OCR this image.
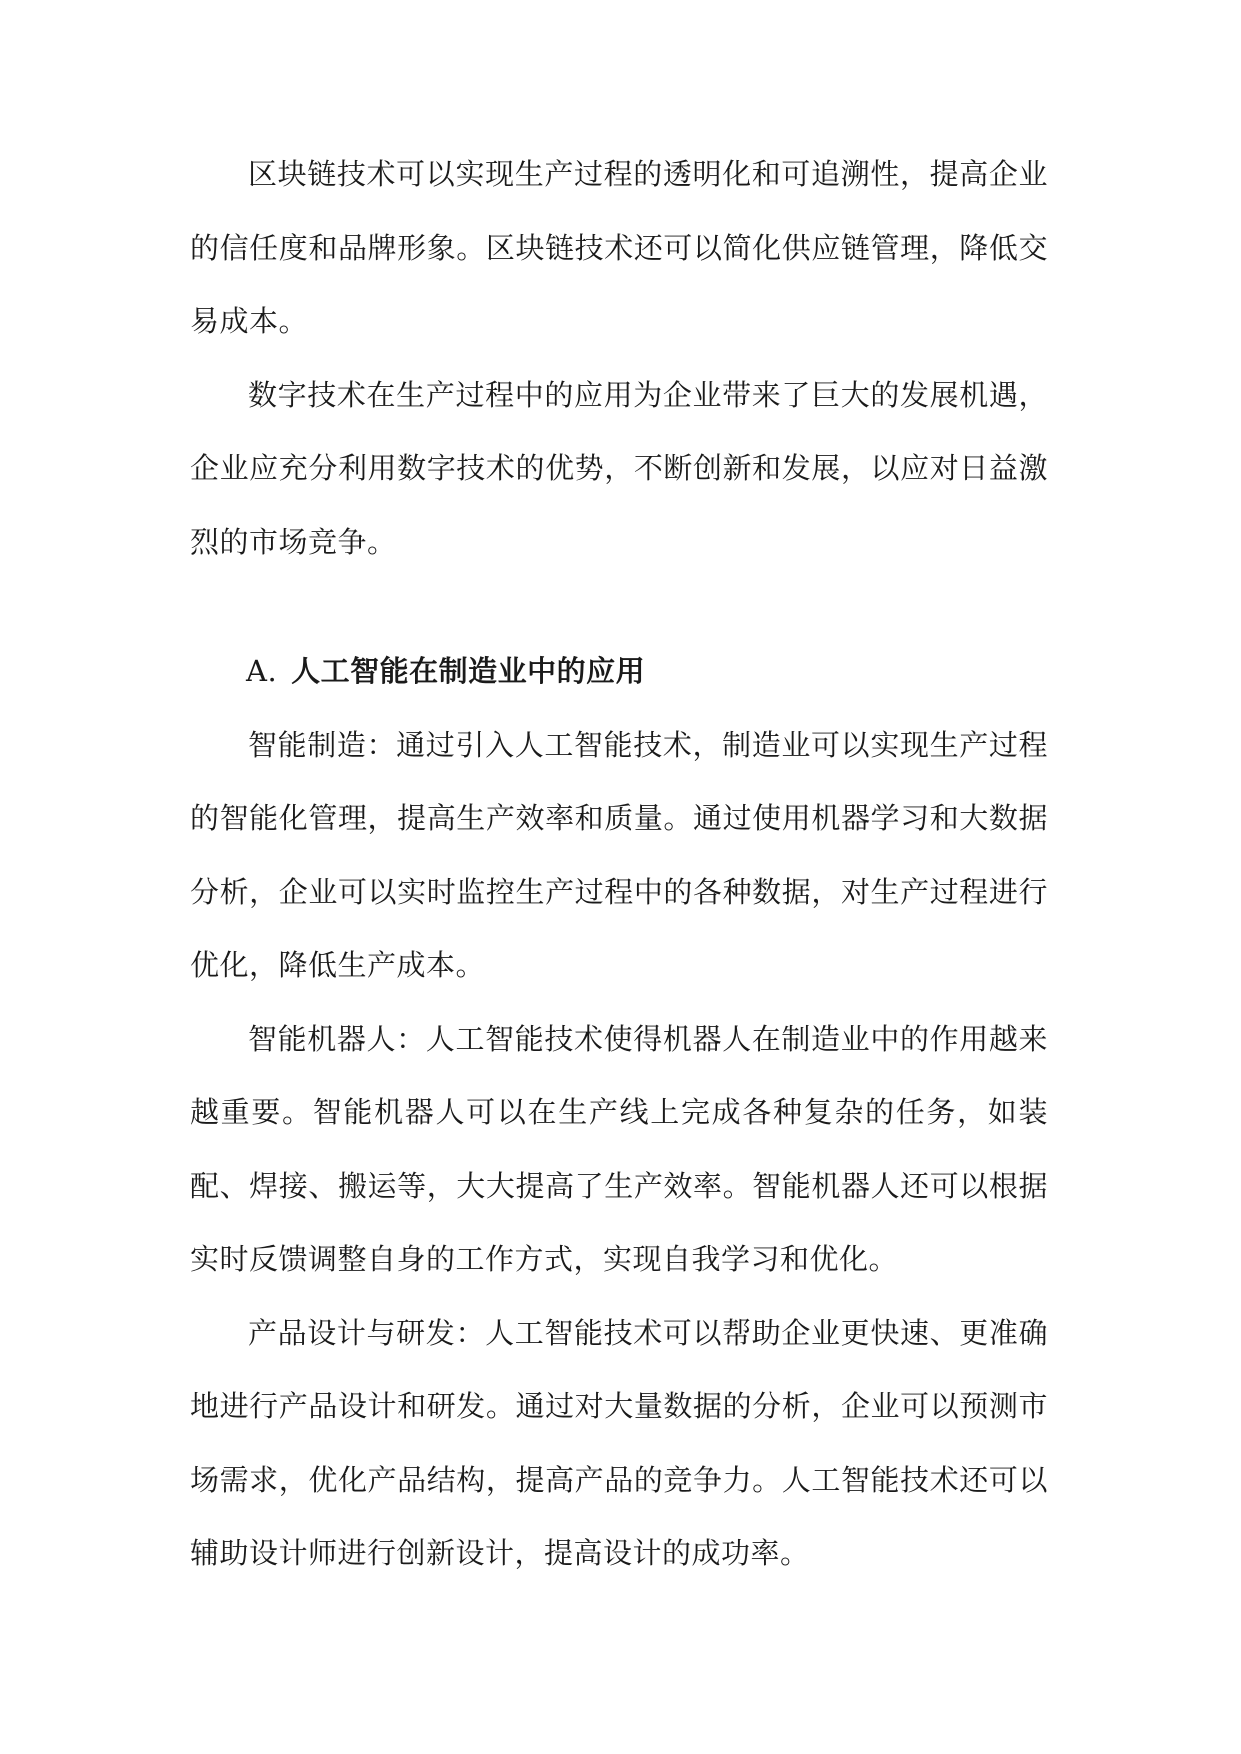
区块链技术可以实现生产过程的透明化和可追溯性，提高企业的信任度和品牌形象。区块链技术还可以简化供应链管理，降低交易成本。

数字技术在生产过程中的应用为企业带来了巨大的发展机遇，企业应充分利用数字技术的优势，不断创新和发展，以应对日益激烈的市场竞争。

A. 人工智能在制造业中的应用

智能制造：通过引入人工智能技术，制造业可以实现生产过程的智能化管理，提高生产效率和质量。通过使用机器学习和大数据分析，企业可以实时监控生产过程中的各种数据，对生产过程进行优化，降低生产成本。

智能机器人：人工智能技术使得机器人在制造业中的作用越来越重要。智能机器人可以在生产线上完成各种复杂的任务，如装配、焊接、搬运等，大大提高了生产效率。智能机器人还可以根据实时反馈调整自身的工作方式，实现自我学习和优化。

产品设计与研发：人工智能技术可以帮助企业更快速、更准确地进行产品设计和研发。通过对大量数据的分析，企业可以预测市场需求，优化产品结构，提高产品的竞争力。人工智能技术还可以辅助设计师进行创新设计，提高设计的成功率。
